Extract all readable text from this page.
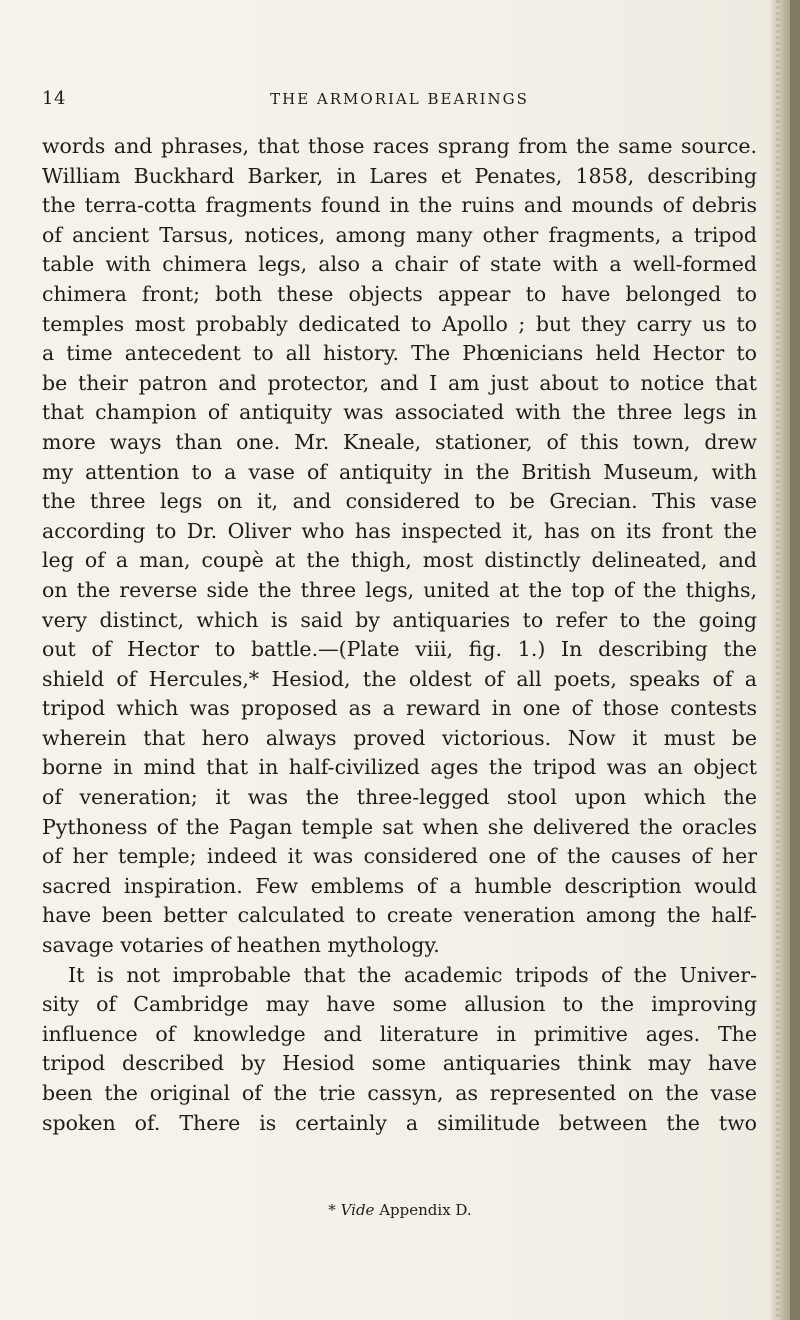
14	THE ARMORIAL BEARINGS
words and phrases, that those races sprang from the same source.
William Buckhard Barker, in Lares et Penates, 1858, describing
the terra-cotta fragments found in the ruins and mounds of debris
of ancient Tarsus, notices, among many other fragments, a tripod
table with chimera legs, also a chair of state with a well-formed
chimera front; both these objects appear to have belonged to
temples most probably dedicated to Apollo ; but they carry us to
a time antecedent to all history. The Phœnicians held Hector to
be their patron and protector, and I am just about to notice that
that champion of antiquity was associated with the three legs in
more ways than one. Mr. Kneale, stationer, of this town, drew
my attention to a vase of antiquity in the British Museum, with
the three legs on it, and considered to be Grecian. This vase
according to Dr. Oliver who has inspected it, has on its front the
leg of a man, coupè at the thigh, most distinctly delineated, and
on the reverse side the three legs, united at the top of the thighs,
very distinct, which is said by antiquaries to refer to the going
out of Hector to battle.—(Plate viii, fig. 1.) In describing the
shield of Hercules,* Hesiod, the oldest of all poets, speaks of a
tripod which was proposed as a reward in one of those contests
wherein that hero always proved victorious. Now it must be
borne in mind that in half-civilized ages the tripod was an object
of veneration; it was the three-legged stool upon which the
Pythoness of the Pagan temple sat when she delivered the oracles
of her temple; indeed it was considered one of the causes of her
sacred inspiration. Few emblems of a humble description would
have been better calculated to create veneration among the half-
savage votaries of heathen mythology.
It is not improbable that the academic tripods of the Univer-
sity of Cambridge may have some allusion to the improving
influence of knowledge and literature in primitive ages. The
tripod described by Hesiod some antiquaries think may have
been the original of the trie cassyn, as represented on the vase
spoken of. There is certainly a similitude between the two
* Vide Appendix D.
